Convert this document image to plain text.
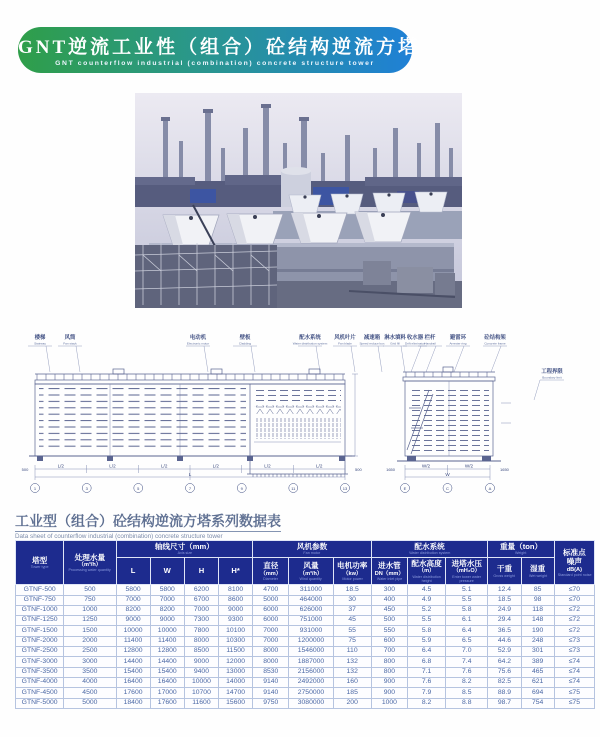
GNT逆流工业性（组合）砼结构逆流方塔
GNT counterflow industrial (combination) concrete structure tower
楼梯
Stairway
风筒
Fan stack
电动机
Electronic motor
壁板
Cladding
配水系统
Water distribution system
风机叶片
Fan blade
减速箱
Speed reduce box
淋水填料
Grid fill
收水器
Drift eliminator
栏杆
Handrail
避雷环
Arrester ring
砼结构架
Concrete frame
工程界限
Boundary limit
L/2	L/2	L/2	L/2	L/2	L/2
L
500	500
1	3	5	7	9	11	13
W/2	W/2
W
1650	1650
E	C	A
工业型（组合）砼结构逆流方塔系列数据表
Data sheet of counterflow industrial (combination) concrete structure tower
塔型
Tower type

处理水量
（m³/h）
Processing water quantity

轴线尺寸（mm）
Axis size

风机参数
Fan motor

配水系统
Water distribution system

重量（ton）
Weight	标准点
噪声
dB(A)
Standard point noise

L	W	H	H*

直径
（mm）
Diameter

风量
（m³/h）
Wind quantity

电机功率
（kw）
Motor power

进水管
DN（mm）
Water inlet pipe

配水高度
（m）
Water distribution height

进塔水压
（mH₂O）
Enter tower water pressure

干重
Gross weight

湿重
Wet weight

GTNF-500	500	5800	5800	6200	8100	4700	311000	18.5	300	4.5	5.1	12.4	85	≤70
GTNF-750	750	7000	7000	6700	8600	5000	464000	30	400	4.9	5.5	18.5	98	≤70
GTNF-1000	1000	8200	8200	7000	9000	6000	626000	37	450	5.2	5.8	24.9	118	≤72
GTNF-1250	1250	9000	9000	7300	9300	6000	751000	45	500	5.5	6.1	29.4	148	≤72
GTNF-1500	1500	10000	10000	7800	10100	7000	931000	55	550	5.8	6.4	36.5	190	≤72
GTNF-2000	2000	11400	11400	8000	10300	7000	1200000	75	600	5.9	6.5	44.6	248	≤73
GTNF-2500	2500	12800	12800	8500	11500	8000	1546000	110	700	6.4	7.0	52.9	301	≤73
GTNF-3000	3000	14400	14400	9000	12000	8000	1887000	132	800	6.8	7.4	64.2	389	≤74
GTNF-3500	3500	15400	15400	9400	13000	8530	2156000	132	800	7.1	7.6	75.6	465	≤74
GTNF-4000	4000	16400	16400	10000	14000	9140	2492000	160	900	7.6	8.2	82.5	621	≤74
GTNF-4500	4500	17600	17000	10700	14700	9140	2750000	185	900	7.9	8.5	88.9	694	≤75
GTNF-5000	5000	18400	17600	11600	15600	9750	3080000	200	1000	8.2	8.8	98.7	754	≤75
